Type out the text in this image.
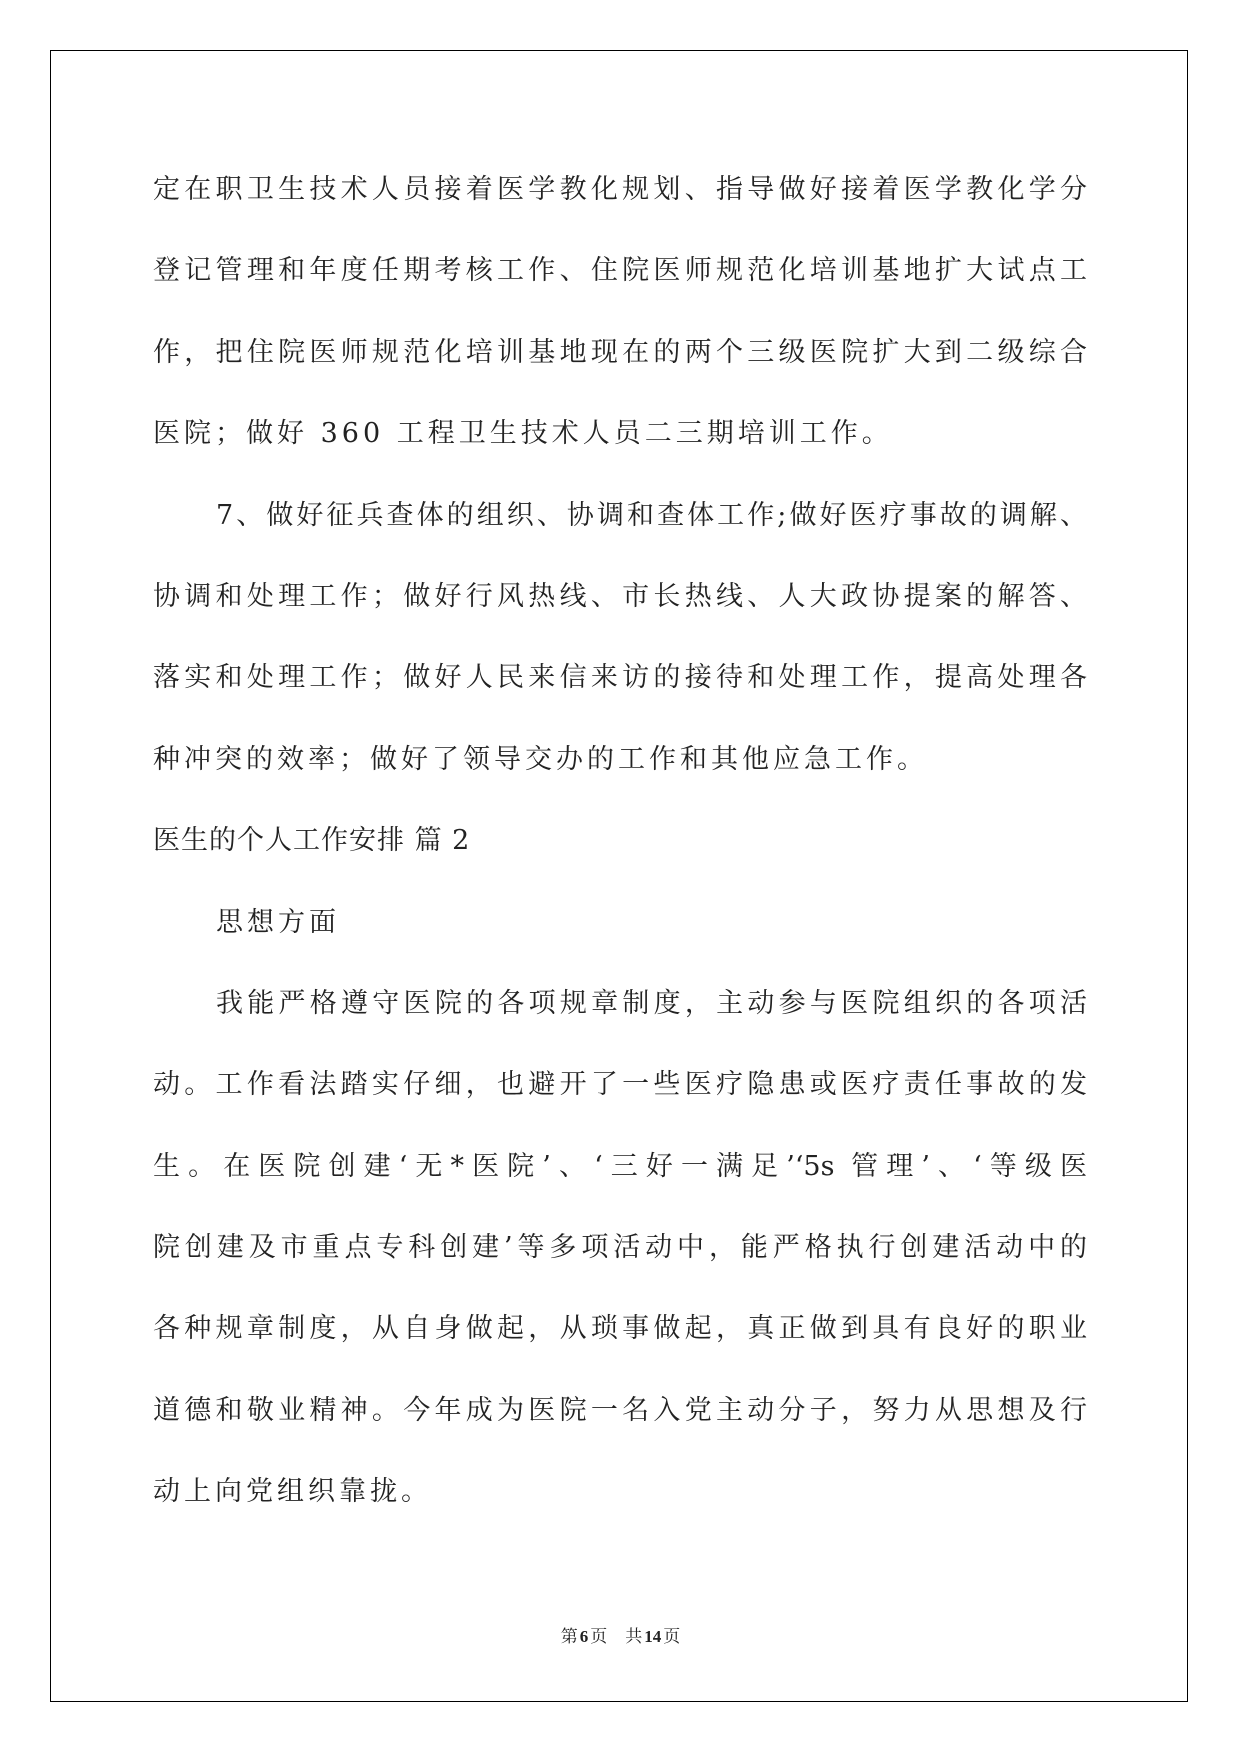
定在职卫生技术人员接着医学教化规划、指导做好接着医学教化学分
登记管理和年度任期考核工作、住院医师规范化培训基地扩大试点工
作，把住院医师规范化培训基地现在的两个三级医院扩大到二级综合
医院；做好 360 工程卫生技术人员二三期培训工作。
7、做好征兵查体的组织、协调和查体工作;做好医疗事故的调解、
协调和处理工作；做好行风热线、市长热线、人大政协提案的解答、
落实和处理工作；做好人民来信来访的接待和处理工作，提高处理各
种冲突的效率；做好了领导交办的工作和其他应急工作。
医生的个人工作安排 篇 2
思想方面
我能严格遵守医院的各项规章制度，主动参与医院组织的各项活
动。工作看法踏实仔细，也避开了一些医疗隐患或医疗责任事故的发
生。在医院创建‘无*医院’、‘三好一满足’‘5s 管理’、‘等级医
院创建及市重点专科创建’等多项活动中，能严格执行创建活动中的
各种规章制度，从自身做起，从琐事做起，真正做到具有良好的职业
道德和敬业精神。今年成为医院一名入党主动分子，努力从思想及行
动上向党组织靠拢。
第 6 页 共 14 页
